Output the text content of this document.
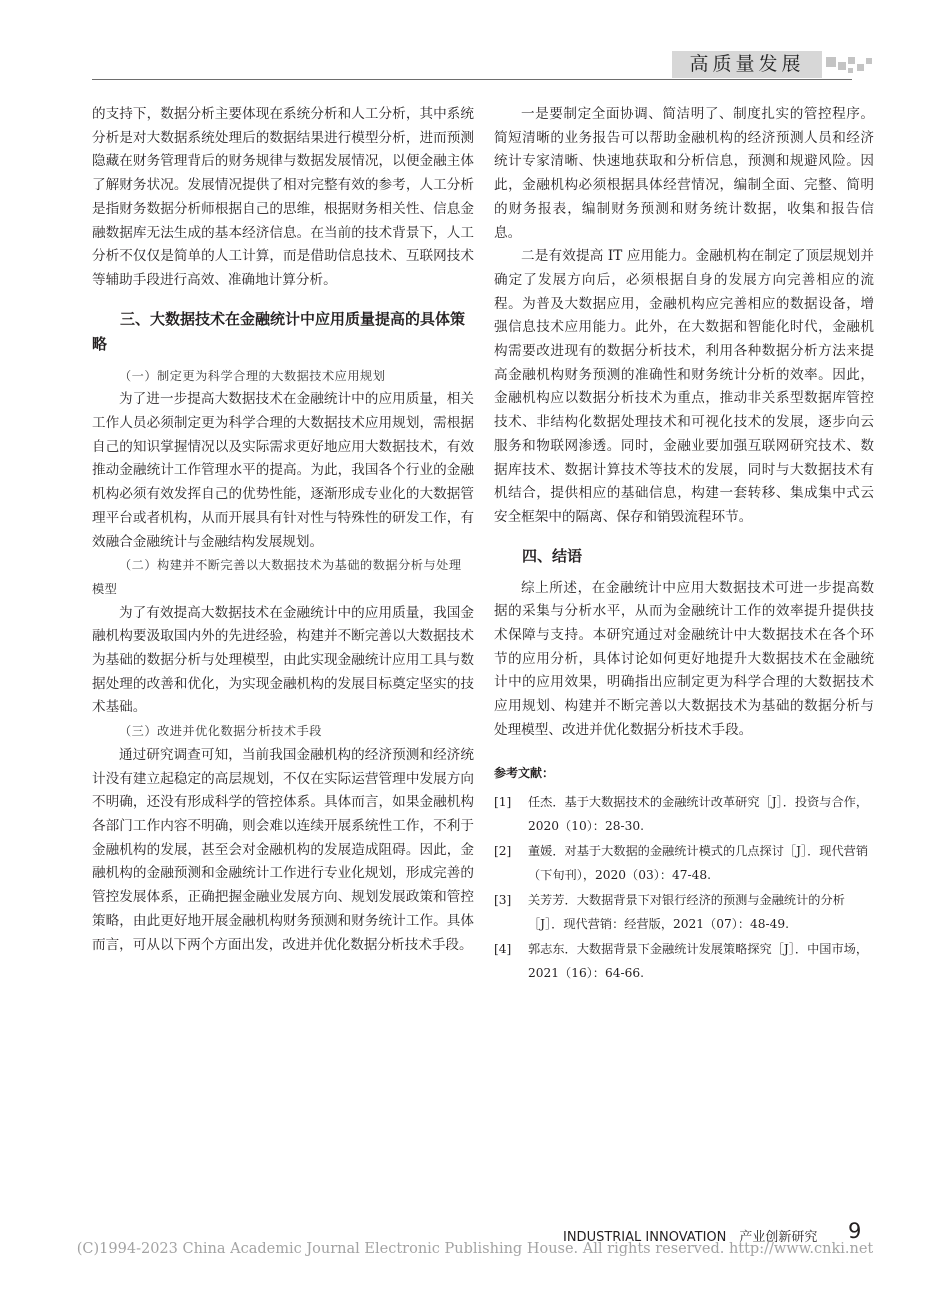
高质量发展

的支持下，数据分析主要体现在系统分析和人工分析，其中系统分析是对大数据系统处理后的数据结果进行模型分析，进而预测隐藏在财务管理背后的财务规律与数据发展情况，以便金融主体了解财务状况。发展情况提供了相对完整有效的参考，人工分析是指财务数据分析师根据自己的思维，根据财务相关性、信息金融数据库无法生成的基本经济信息。在当前的技术背景下，人工分析不仅仅是简单的人工计算，而是借助信息技术、互联网技术等辅助手段进行高效、准确地计算分析。

三、大数据技术在金融统计中应用质量提高的具体策略
（一）制定更为科学合理的大数据技术应用规划

为了进一步提高大数据技术在金融统计中的应用质量，相关工作人员必须制定更为科学合理的大数据技术应用规划，需根据自己的知识掌握情况以及实际需求更好地应用大数据技术，有效推动金融统计工作管理水平的提高。为此，我国各个行业的金融机构必须有效发挥自己的优势性能，逐渐形成专业化的大数据管理平台或者机构，从而开展具有针对性与特殊性的研发工作，有效融合金融统计与金融结构发展规划。

（二）构建并不断完善以大数据技术为基础的数据分析与处理模型

为了有效提高大数据技术在金融统计中的应用质量，我国金融机构要汲取国内外的先进经验，构建并不断完善以大数据技术为基础的数据分析与处理模型，由此实现金融统计应用工具与数据处理的改善和优化，为实现金融机构的发展目标奠定坚实的技术基础。

（三）改进并优化数据分析技术手段

通过研究调查可知，当前我国金融机构的经济预测和经济统计没有建立起稳定的高层规划，不仅在实际运营管理中发展方向不明确，还没有形成科学的管控体系。具体而言，如果金融机构各部门工作内容不明确，则会难以连续开展系统性工作，不利于金融机构的发展，甚至会对金融机构的发展造成阻碍。因此，金融机构的金融预测和金融统计工作进行专业化规划，形成完善的管控发展体系，正确把握金融业发展方向、规划发展政策和管控策略，由此更好地开展金融机构财务预测和财务统计工作。具体而言，可从以下两个方面出发，改进并优化数据分析技术手段。

一是要制定全面协调、简洁明了、制度扎实的管控程序。简短清晰的业务报告可以帮助金融机构的经济预测人员和经济统计专家清晰、快速地获取和分析信息，预测和规避风险。因此，金融机构必须根据具体经营情况，编制全面、完整、简明的财务报表，编制财务预测和财务统计数据，收集和报告信息。

二是有效提高 IT 应用能力。金融机构在制定了顶层规划并确定了发展方向后，必须根据自身的发展方向完善相应的流程。为普及大数据应用，金融机构应完善相应的数据设备，增强信息技术应用能力。此外，在大数据和智能化时代，金融机构需要改进现有的数据分析技术，利用各种数据分析方法来提高金融机构财务预测的准确性和财务统计分析的效率。因此，金融机构应以数据分析技术为重点，推动非关系型数据库管控技术、非结构化数据处理技术和可视化技术的发展，逐步向云服务和物联网渗透。同时，金融业要加强互联网研究技术、数据库技术、数据计算技术等技术的发展，同时与大数据技术有机结合，提供相应的基础信息，构建一套转移、集成集中式云安全框架中的隔离、保存和销毁流程环节。

四、结语

综上所述，在金融统计中应用大数据技术可进一步提高数据的采集与分析水平，从而为金融统计工作的效率提升提供技术保障与支持。本研究通过对金融统计中大数据技术在各个环节的应用分析，具体讨论如何更好地提升大数据技术在金融统计中的应用效果，明确指出应制定更为科学合理的大数据技术应用规划、构建并不断完善以大数据技术为基础的数据分析与处理模型、改进并优化数据分析技术手段。

参考文献：
[1]	任杰．基于大数据技术的金融统计改革研究［J］．投资与合作，2020（10）：28-30.
[2]	董媛．对基于大数据的金融统计模式的几点探讨［J］．现代营销（下旬刊），2020（03）：47-48.
[3]	关芳芳．大数据背景下对银行经济的预测与金融统计的分析［J］．现代营销：经营版，2021（07）：48-49.
[4]	郭志东．大数据背景下金融统计发展策略探究［J］．中国市场，2021（16）：64-66.
INDUSTRIAL INNOVATION　产业创新研究 9
(C)1994-2023 China Academic Journal Electronic Publishing House. All rights reserved. http://www.cnki.net
